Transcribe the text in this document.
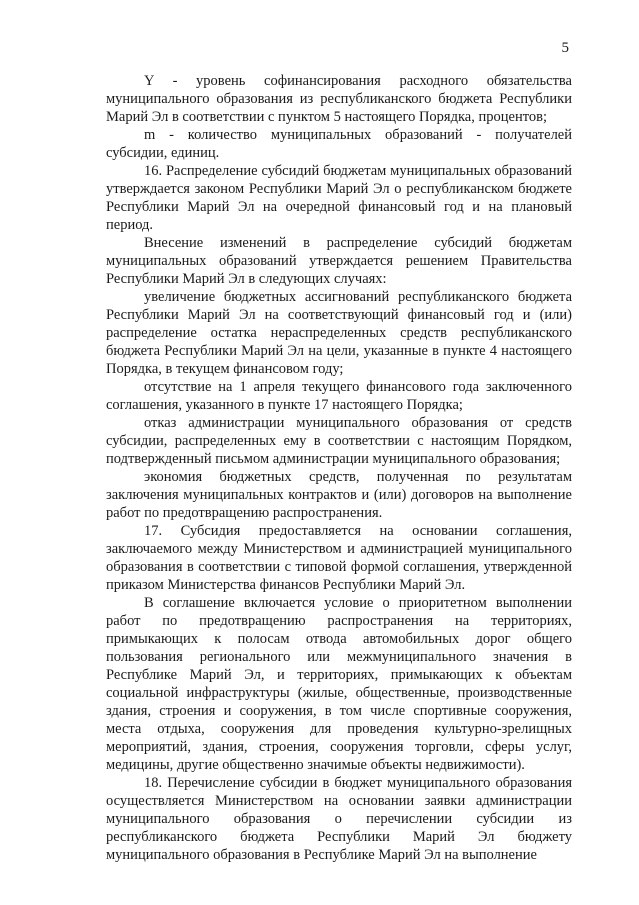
5

Y - уровень софинансирования расходного обязательства муниципального образования из республиканского бюджета Республики Марий Эл в соответствии с пунктом 5 настоящего Порядка, процентов;

m - количество муниципальных образований - получателей субсидии, единиц.

16. Распределение субсидий бюджетам муниципальных образований утверждается законом Республики Марий Эл о республиканском бюджете Республики Марий Эл на очередной финансовый год и на плановый период.

Внесение изменений в распределение субсидий бюджетам муниципальных образований утверждается решением Правительства Республики Марий Эл в следующих случаях:

увеличение бюджетных ассигнований республиканского бюджета Республики Марий Эл на соответствующий финансовый год и (или) распределение остатка нераспределенных средств республиканского бюджета Республики Марий Эл на цели, указанные в пункте 4 настоящего Порядка, в текущем финансовом году;

отсутствие на 1 апреля текущего финансового года заключенного соглашения, указанного в пункте 17 настоящего Порядка;

отказ администрации муниципального образования от средств субсидии, распределенных ему в соответствии с настоящим Порядком, подтвержденный письмом администрации муниципального образования;

экономия бюджетных средств, полученная по результатам заключения муниципальных контрактов и (или) договоров на выполнение работ по предотвращению распространения.

17. Субсидия предоставляется на основании соглашения, заключаемого между Министерством и администрацией муниципального образования в соответствии с типовой формой соглашения, утвержденной приказом Министерства финансов Республики Марий Эл.

В соглашение включается условие о приоритетном выполнении работ по предотвращению распространения на территориях, примыкающих к полосам отвода автомобильных дорог общего пользования регионального или межмуниципального значения в Республике Марий Эл, и территориях, примыкающих к объектам социальной инфраструктуры (жилые, общественные, производственные здания, строения и сооружения, в том числе спортивные сооружения, места отдыха, сооружения для проведения культурно-зрелищных мероприятий, здания, строения, сооружения торговли, сферы услуг, медицины, другие общественно значимые объекты недвижимости).

18. Перечисление субсидии в бюджет муниципального образования осуществляется Министерством на основании заявки администрации муниципального образования о перечислении субсидии из республиканского бюджета Республики Марий Эл бюджету муниципального образования в Республике Марий Эл на выполнение
